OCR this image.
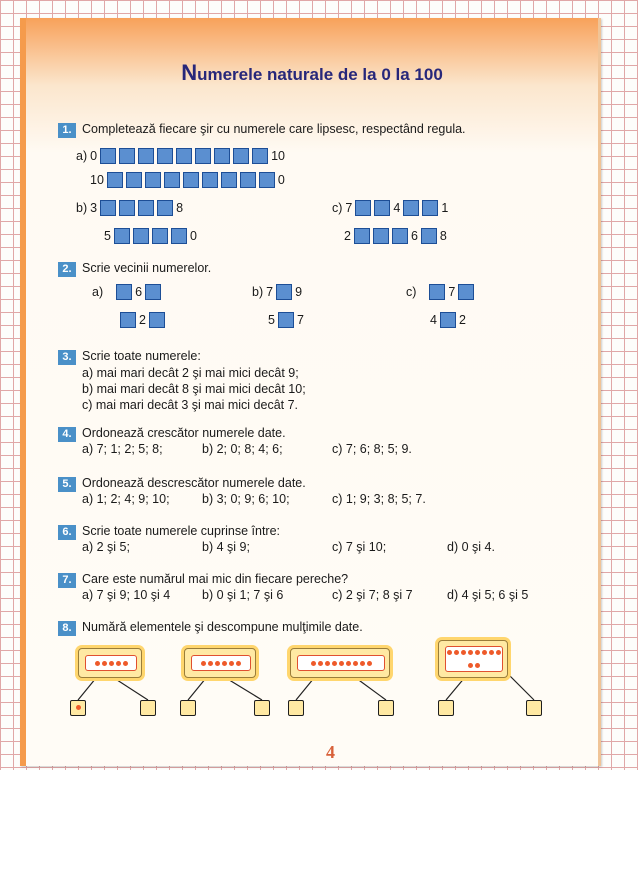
Numerele naturale de la 0 la 100
1. Completează fiecare şir cu numerele care lipsesc, respectând regula.
a) 0	10
10	0
b) 3	8
5	0
c) 7	4	1
2	6 8
2. Scrie vecinii numerelor.
a)	6
2
b) 7 9
5 7
c)	7
4 2
3. Scrie toate numerele:
a) mai mari decât 2 şi mai mici decât 9;
b) mai mari decât 8 şi mai mici decât 10;
c) mai mari decât 3 şi mai mici decât 7.
4. Ordonează crescător numerele date.
a) 7; 1; 2; 5; 8;	b) 2; 0; 8; 4; 6;	c) 7; 6; 8; 5; 9.
5. Ordonează descrescător numerele date.
a) 1; 2; 4; 9; 10;	b) 3; 0; 9; 6; 10;	c) 1; 9; 3; 8; 5; 7.
6. Scrie toate numerele cuprinse între:
a) 2 şi 5;	b) 4 şi 9;	c) 7 şi 10;	d) 0 şi 4.
7. Care este numărul mai mic din fiecare pereche?
a) 7 şi 9; 10 şi 4	b) 0 şi 1; 7 şi 6	c) 2 şi 7; 8 şi 7	d) 4 şi 5; 6 şi 5
8. Numără elementele şi descompune mulţimile date.
4
